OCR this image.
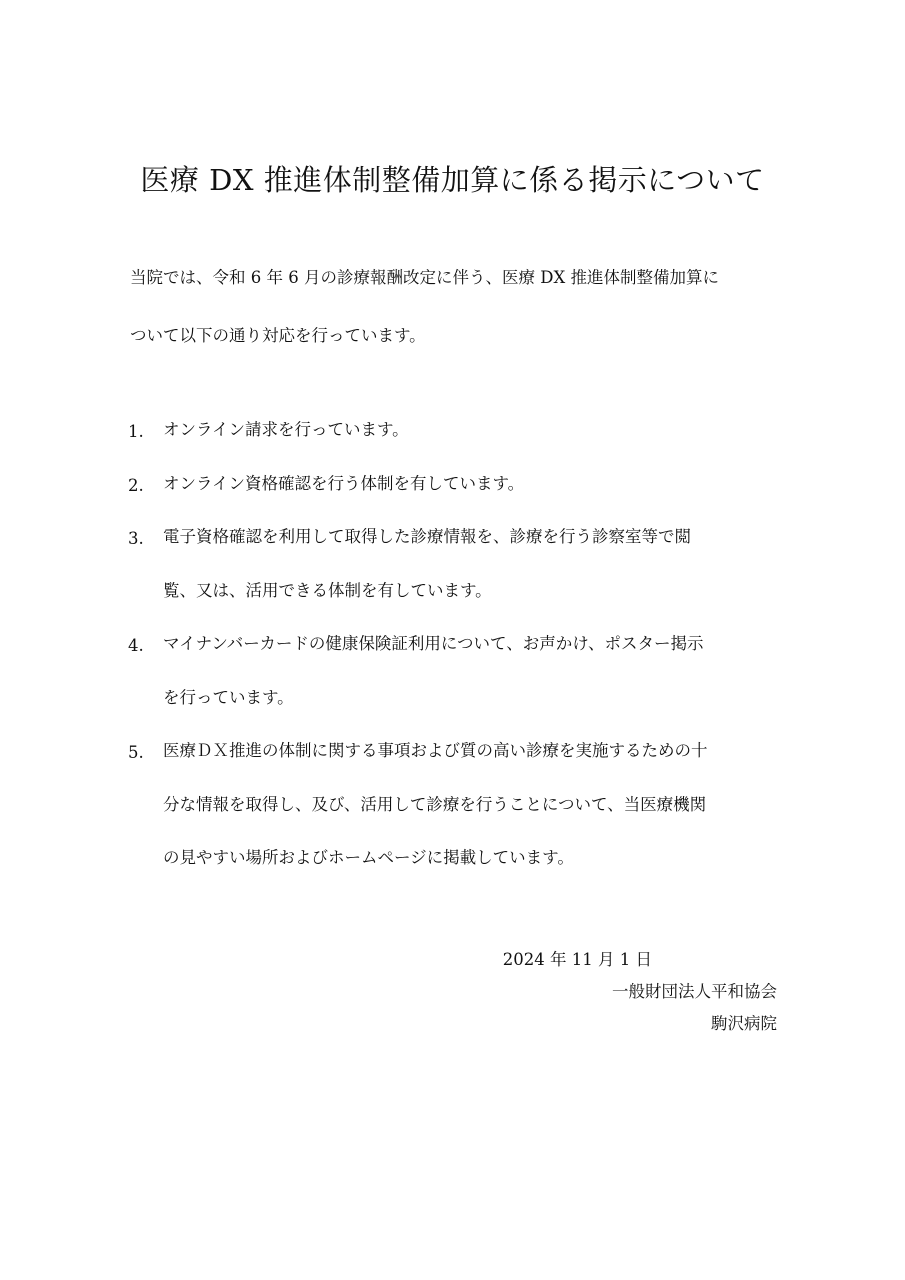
医療 DX 推進体制整備加算に係る掲示について

当院では、令和 6 年 6 月の診療報酬改定に伴う、医療 DX 推進体制整備加算に
ついて以下の通り対応を行っています。

1. オンライン請求を行っています。
2. オンライン資格確認を行う体制を有しています。
3. 電子資格確認を利用して取得した診療情報を、診療を行う診察室等で閲
覧、又は、活用できる体制を有しています。
4. マイナンバーカードの健康保険証利用について、お声かけ、ポスター掲示
を行っています。
5. 医療ＤＸ推進の体制に関する事項および質の高い診療を実施するための十
分な情報を取得し、及び、活用して診療を行うことについて、当医療機関
の見やすい場所およびホームページに掲載しています。
2024 年 11 月 1 日
一般財団法人平和協会
駒沢病院
